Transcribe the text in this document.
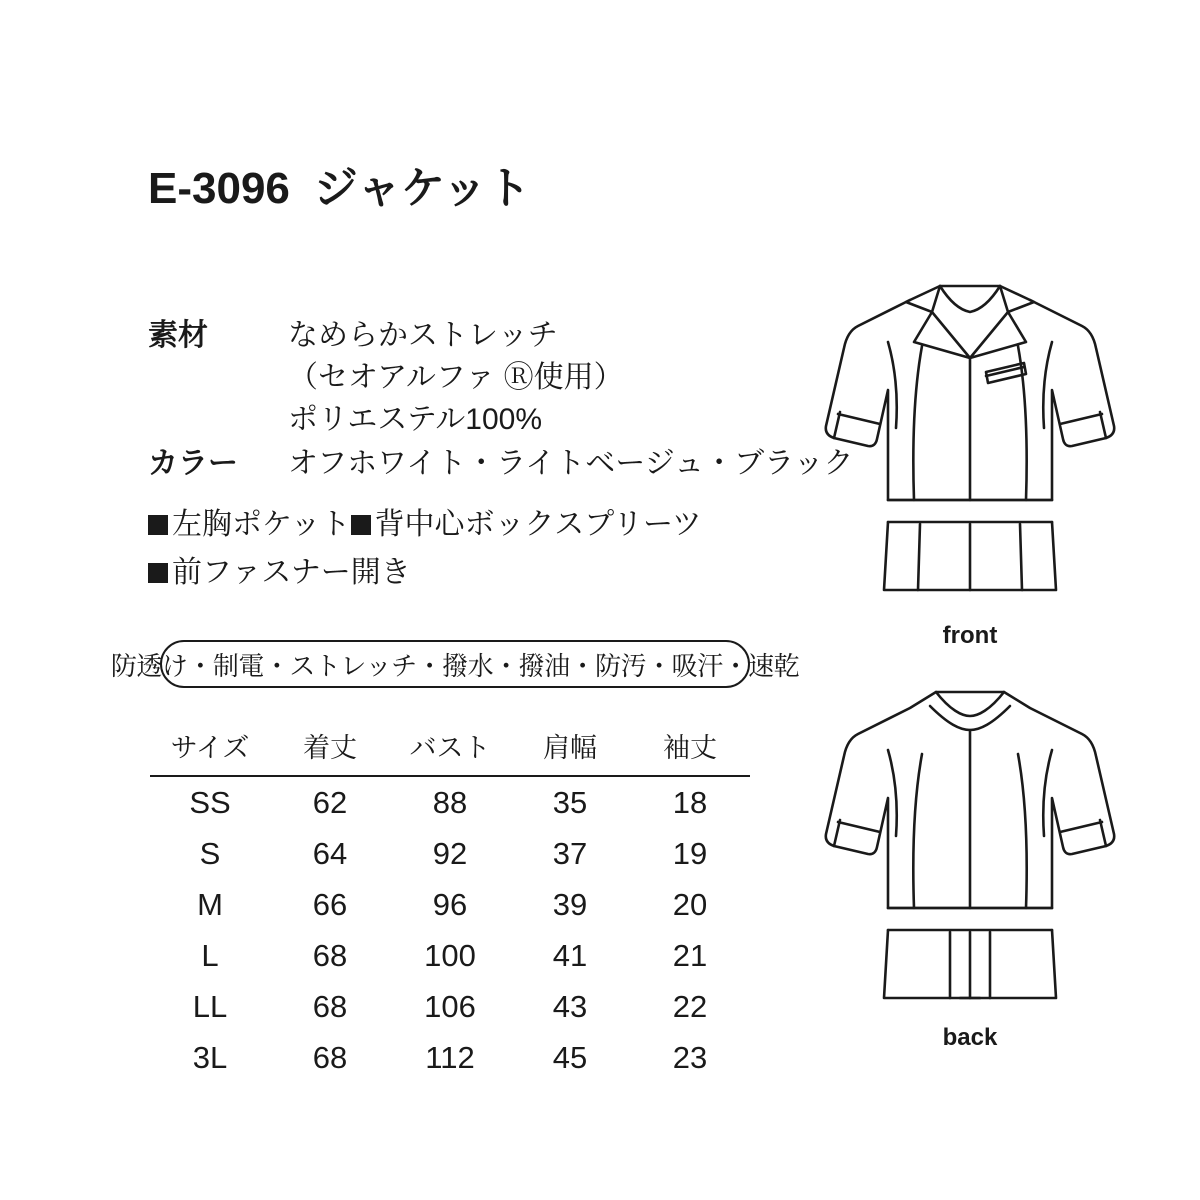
E-3096 ジャケット
素材	なめらかストレッチ
（セオアルファ Ⓡ使用）
ポリエステル100%
カラー	オフホワイト・ライトベージュ・ブラック
左胸ポケット 背中心ボックスプリーツ
前ファスナー開き
防透け・制電・ストレッチ・撥水・撥油・防汚・吸汗・速乾
サイズ	着丈	バスト	肩幅	袖丈
SS	62	88	35	18
S	64	92	37	19
M	66	96	39	20
L	68	100	41	21
LL	68	106	43	22
3L	68	112	45	23
front
back
